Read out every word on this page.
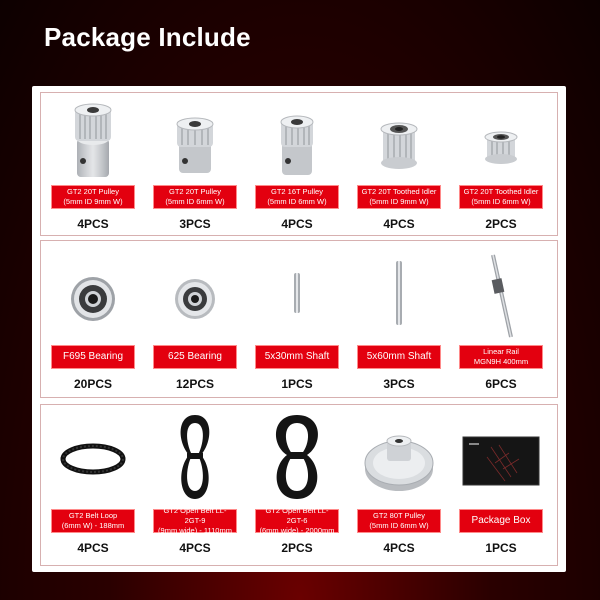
Package Include
GT2 20T Pulley
(5mm ID 9mm W)
4PCS
GT2 20T Pulley
(5mm ID 6mm W)
3PCS
GT2 16T Pulley
(5mm ID 6mm W)
4PCS
GT2 20T Toothed Idler
(5mm ID 9mm W)
4PCS
GT2 20T Toothed Idler
(5mm ID 6mm W)
2PCS
F695 Bearing
20PCS
625 Bearing
12PCS
5x30mm Shaft
1PCS
5x60mm Shaft
3PCS
Linear Rail
MGN9H 400mm
6PCS
GT2 Belt Loop
(6mm W) - 188mm
4PCS
GT2 Open Belt LL-2GT-9
(9mm wide) - 1110mm
4PCS
GT2 Open Belt LL-2GT-6
(6mm wide) - 2000mm
2PCS
GT2 80T Pulley
(5mm ID 6mm W)
4PCS
Package Box
1PCS
